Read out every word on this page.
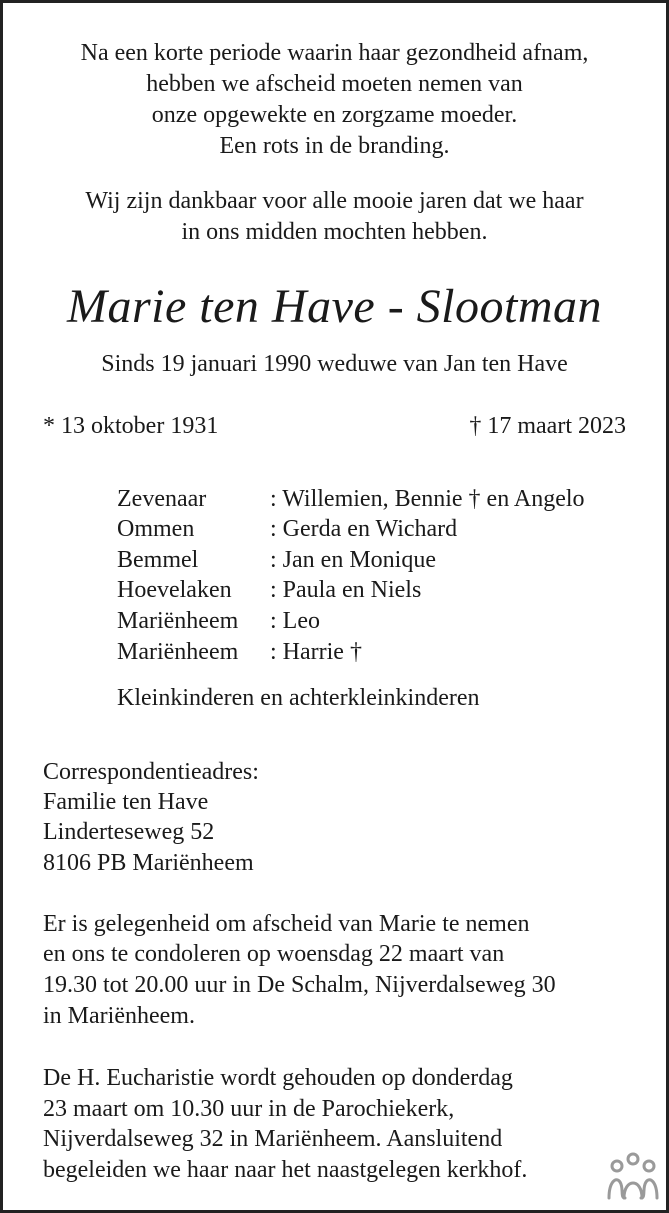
Na een korte periode waarin haar gezondheid afnam,
hebben we afscheid moeten nemen van
onze opgewekte en zorgzame moeder.
Een rots in de branding.
Wij zijn dankbaar voor alle mooie jaren dat we haar
in ons midden mochten hebben.
Marie ten Have - Slootman
Sinds 19 januari 1990 weduwe van Jan ten Have
* 13 oktober 1931	† 17 maart 2023
Zevenaar	: Willemien, Bennie † en Angelo
Ommen	: Gerda en Wichard
Bemmel	: Jan en Monique
Hoevelaken : Paula en Niels
Mariënheem : Leo
Mariënheem : Harrie †
Kleinkinderen en achterkleinkinderen
Correspondentieadres:
Familie ten Have
Linderteseweg 52
8106 PB Mariënheem
Er is gelegenheid om afscheid van Marie te nemen
en ons te condoleren op woensdag 22 maart van
19.30 tot 20.00 uur in De Schalm, Nijverdalseweg 30
in Mariënheem.
De H. Eucharistie wordt gehouden op donderdag
23 maart om 10.30 uur in de Parochiekerk,
Nijverdalseweg 32 in Mariënheem. Aansluitend
begeleiden we haar naar het naastgelegen kerkhof.
